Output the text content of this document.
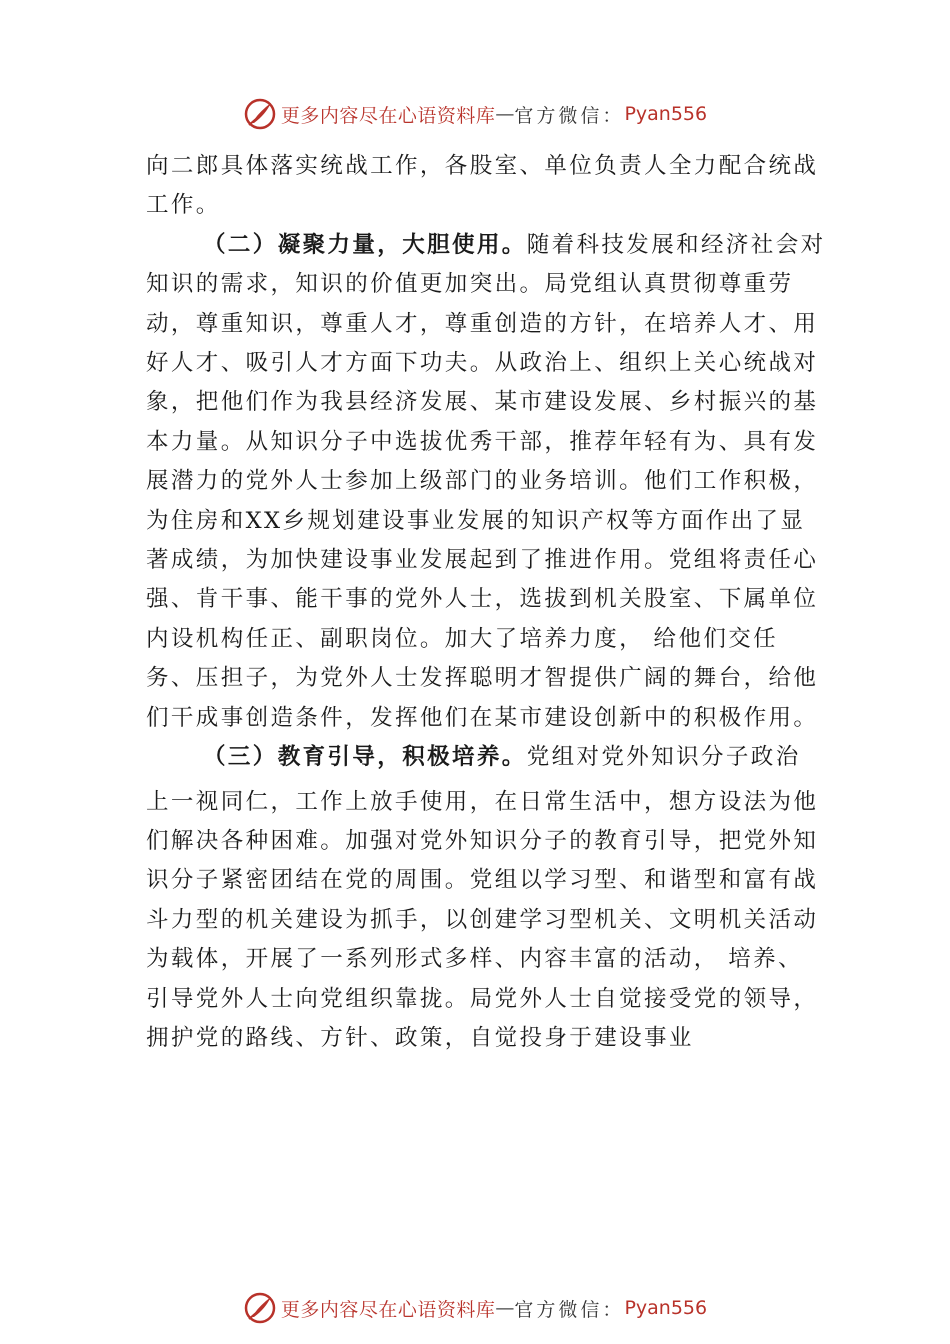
更多内容尽在心语资料库 — 官方微信： Pyan556

向二郎具体落实统战工作，各股室、单位负责人全力配合统战工作。

（二）凝聚力量，大胆使用。随着科技发展和经济社会对知识的需求，知识的价值更加突出。局党组认真贯彻尊重劳动，尊重知识，尊重人才，尊重创造的方针，在培养人才、用好人才、吸引人才方面下功夫。从政治上、组织上关心统战对象，把他们作为我县经济发展、某市建设发展、乡村振兴的基本力量。从知识分子中选拔优秀干部，推荐年轻有为、具有发展潜力的党外人士参加上级部门的业务培训。他们工作积极，为住房和XX乡规划建设事业发展的知识产权等方面作出了显著成绩，为加快建设事业发展起到了推进作用。党组将责任心强、肯干事、能干事的党外人士，选拔到机关股室、下属单位内设机构任正、副职岗位。加大了培养力度， 给他们交任务、压担子，为党外人士发挥聪明才智提供广阔的舞台，给他们干成事创造条件，发挥他们在某市建设创新中的积极作用。

（三）教育引导，积极培养。党组对党外知识分子政治

上一视同仁，工作上放手使用，在日常生活中，想方设法为他们解决各种困难。加强对党外知识分子的教育引导，把党外知识分子紧密团结在党的周围。党组以学习型、和谐型和富有战斗力型的机关建设为抓手，以创建学习型机关、文明机关活动为载体，开展了一系列形式多样、内容丰富的活动， 培养、引导党外人士向党组织靠拢。局党外人士自觉接受党的领导，拥护党的路线、方针、政策，自觉投身于建设事业

更多内容尽在心语资料库 — 官方微信： Pyan556
